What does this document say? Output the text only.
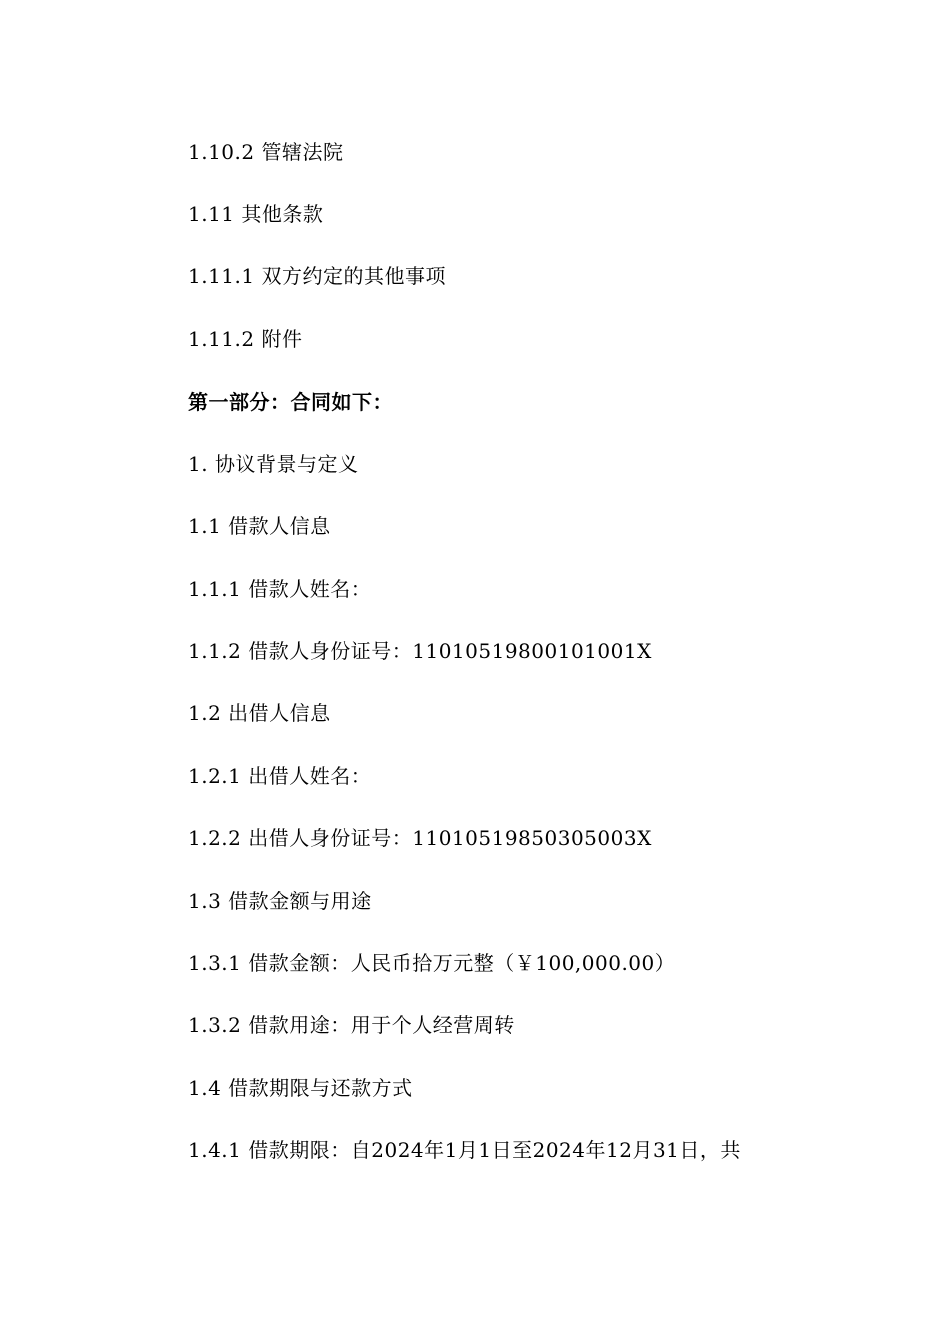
1.10.2 管辖法院
1.11 其他条款
1.11.1 双方约定的其他事项
1.11.2 附件
第一部分：合同如下：
1. 协议背景与定义
1.1 借款人信息
1.1.1 借款人姓名：
1.1.2 借款人身份证号：11010519800101001X
1.2 出借人信息
1.2.1 出借人姓名：
1.2.2 出借人身份证号：11010519850305003X
1.3 借款金额与用途
1.3.1 借款金额：人民币拾万元整（￥100,000.00）
1.3.2 借款用途：用于个人经营周转
1.4 借款期限与还款方式
1.4.1 借款期限：自2024年1月1日至2024年12月31日，共
